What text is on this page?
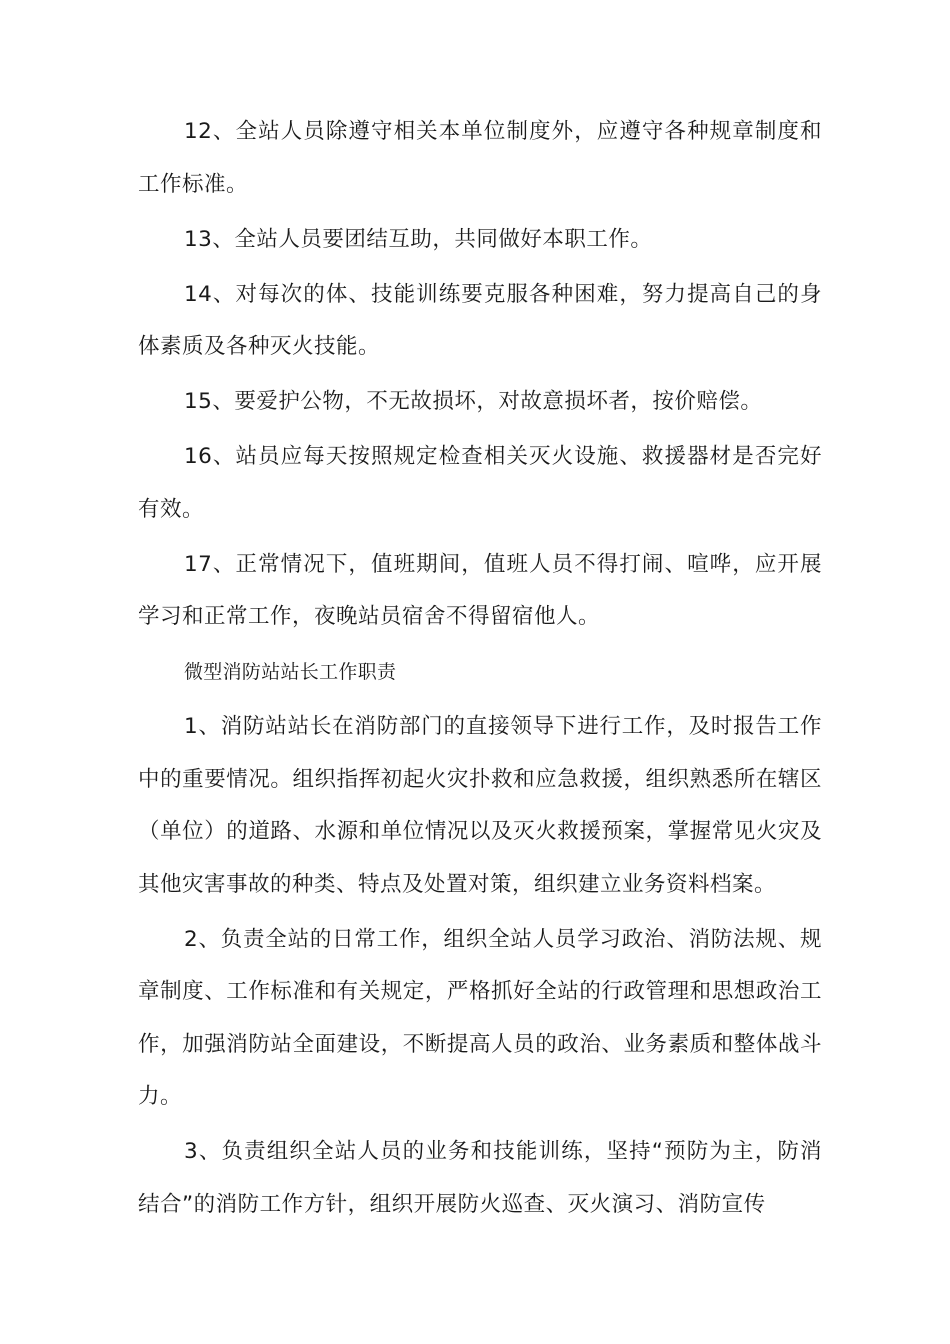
12、全站人员除遵守相关本单位制度外，应遵守各种规章制度和工作标准。

13、全站人员要团结互助，共同做好本职工作。

14、对每次的体、技能训练要克服各种困难，努力提高自己的身体素质及各种灭火技能。

15、要爱护公物，不无故损坏，对故意损坏者，按价赔偿。

16、站员应每天按照规定检查相关灭火设施、救援器材是否完好有效。

17、正常情况下，值班期间，值班人员不得打闹、喧哗，应开展学习和正常工作，夜晚站员宿舍不得留宿他人。

微型消防站站长工作职责

1、消防站站长在消防部门的直接领导下进行工作，及时报告工作中的重要情况。组织指挥初起火灾扑救和应急救援，组织熟悉所在辖区（单位）的道路、水源和单位情况以及灭火救援预案，掌握常见火灾及其他灾害事故的种类、特点及处置对策，组织建立业务资料档案。

2、负责全站的日常工作，组织全站人员学习政治、消防法规、规章制度、工作标准和有关规定，严格抓好全站的行政管理和思想政治工作，加强消防站全面建设，不断提高人员的政治、业务素质和整体战斗力。

3、负责组织全站人员的业务和技能训练，坚持“预防为主，防消结合”的消防工作方针，组织开展防火巡查、灭火演习、消防宣传
